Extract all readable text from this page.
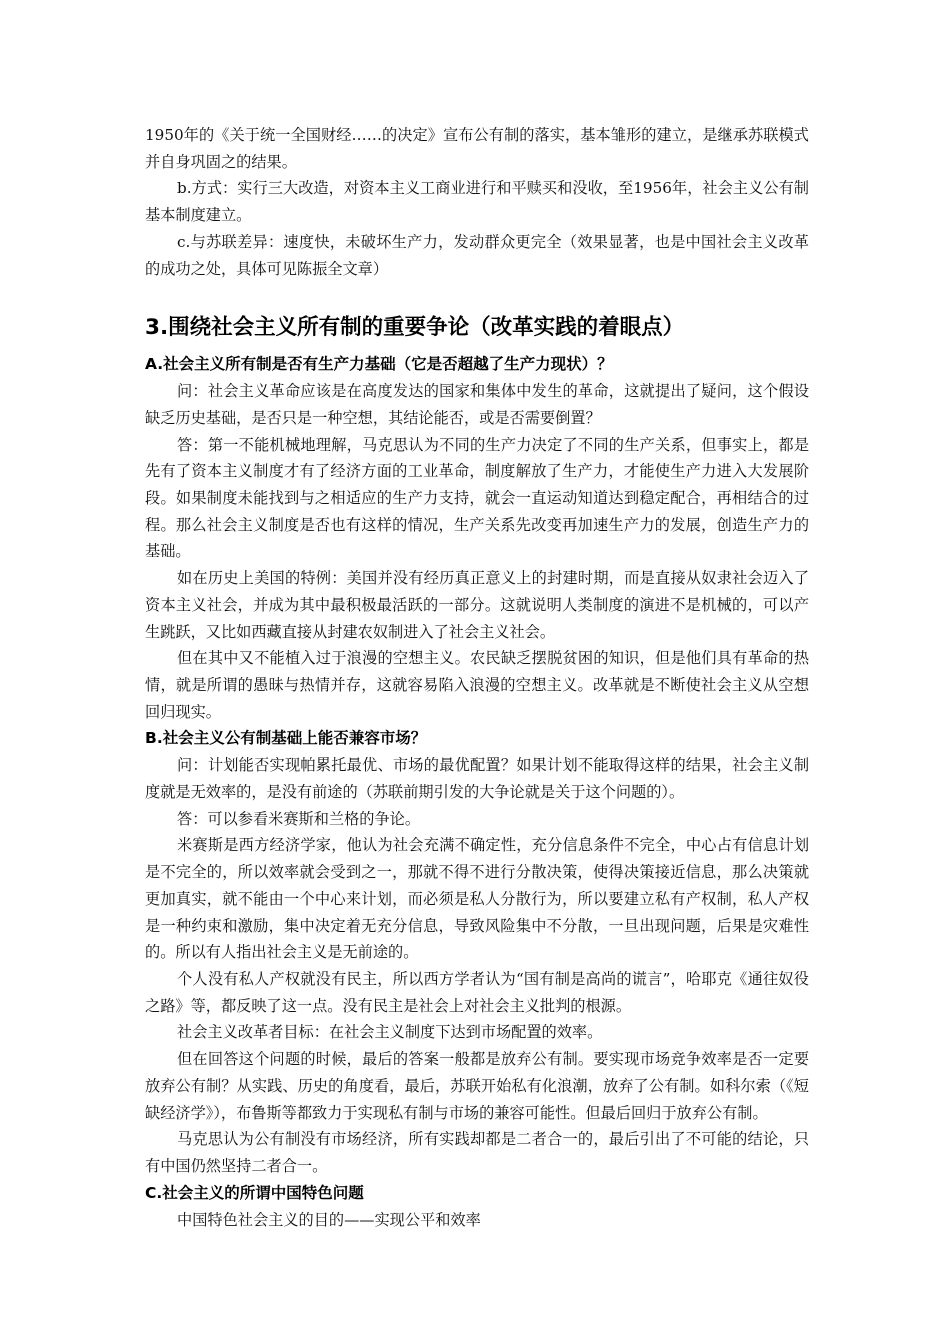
1950年的《关于统一全国财经……的决定》宣布公有制的落实，基本雏形的建立，是继承苏联模式并自身巩固之的结果。

b.方式：实行三大改造，对资本主义工商业进行和平赎买和没收，至1956年，社会主义公有制基本制度建立。

c.与苏联差异：速度快，未破坏生产力，发动群众更完全（效果显著，也是中国社会主义改革的成功之处，具体可见陈振全文章）

3.围绕社会主义所有制的重要争论（改革实践的着眼点）
A.社会主义所有制是否有生产力基础（它是否超越了生产力现状）？

问：社会主义革命应该是在高度发达的国家和集体中发生的革命，这就提出了疑问，这个假设缺乏历史基础，是否只是一种空想，其结论能否，或是否需要倒置？

答：第一不能机械地理解，马克思认为不同的生产力决定了不同的生产关系，但事实上，都是先有了资本主义制度才有了经济方面的工业革命，制度解放了生产力，才能使生产力进入大发展阶段。如果制度未能找到与之相适应的生产力支持，就会一直运动知道达到稳定配合，再相结合的过程。那么社会主义制度是否也有这样的情况，生产关系先改变再加速生产力的发展，创造生产力的基础。

如在历史上美国的特例：美国并没有经历真正意义上的封建时期，而是直接从奴隶社会迈入了资本主义社会，并成为其中最积极最活跃的一部分。这就说明人类制度的演进不是机械的，可以产生跳跃，又比如西藏直接从封建农奴制进入了社会主义社会。

但在其中又不能植入过于浪漫的空想主义。农民缺乏摆脱贫困的知识，但是他们具有革命的热情，就是所谓的愚昧与热情并存，这就容易陷入浪漫的空想主义。改革就是不断使社会主义从空想回归现实。

B.社会主义公有制基础上能否兼容市场？

问：计划能否实现帕累托最优、市场的最优配置？如果计划不能取得这样的结果，社会主义制度就是无效率的，是没有前途的（苏联前期引发的大争论就是关于这个问题的）。

答：可以参看米赛斯和兰格的争论。

米赛斯是西方经济学家，他认为社会充满不确定性，充分信息条件不完全，中心占有信息计划是不完全的，所以效率就会受到之一，那就不得不进行分散决策，使得决策接近信息，那么决策就更加真实，就不能由一个中心来计划，而必须是私人分散行为，所以要建立私有产权制，私人产权是一种约束和激励，集中决定着无充分信息，导致风险集中不分散，一旦出现问题，后果是灾难性的。所以有人指出社会主义是无前途的。

个人没有私人产权就没有民主，所以西方学者认为“国有制是高尚的谎言”，哈耶克《通往奴役之路》等，都反映了这一点。没有民主是社会上对社会主义批判的根源。

社会主义改革者目标：在社会主义制度下达到市场配置的效率。

但在回答这个问题的时候，最后的答案一般都是放弃公有制。要实现市场竞争效率是否一定要放弃公有制？从实践、历史的角度看，最后，苏联开始私有化浪潮，放弃了公有制。如科尔索（《短缺经济学》），布鲁斯等都致力于实现私有制与市场的兼容可能性。但最后回归于放弃公有制。

马克思认为公有制没有市场经济，所有实践却都是二者合一的，最后引出了不可能的结论，只有中国仍然坚持二者合一。

C.社会主义的所谓中国特色问题

中国特色社会主义的目的——实现公平和效率
